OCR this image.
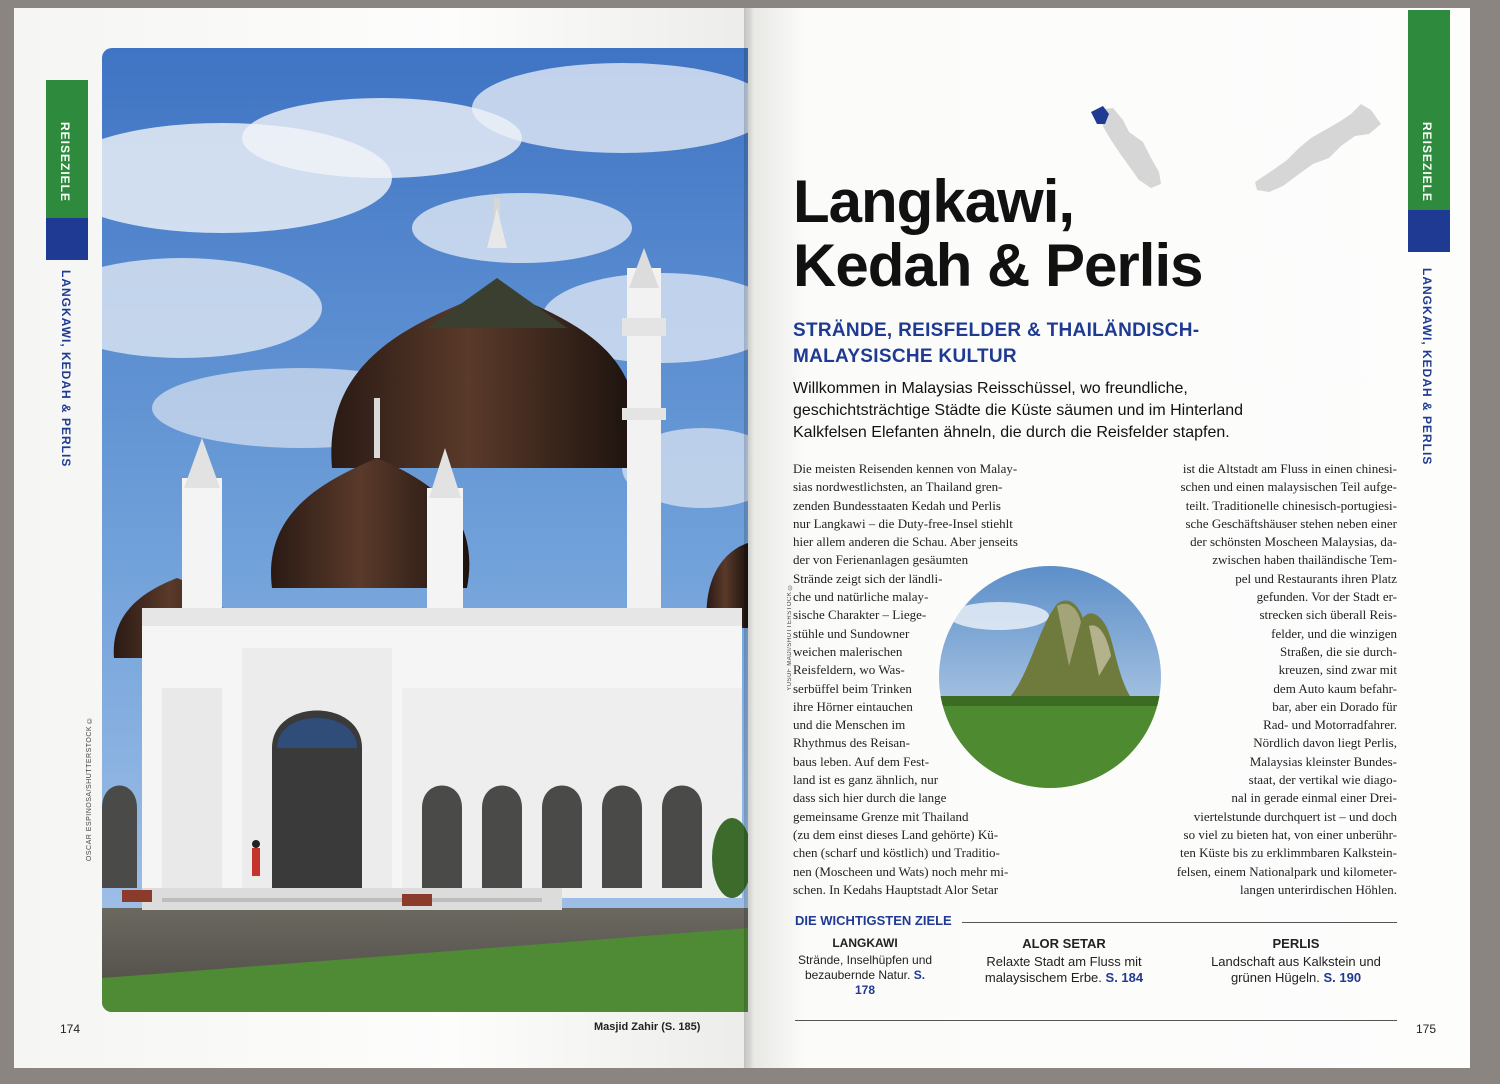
REISEZIELE
LANGKAWI, KEDAH & PERLIS
OSCAR ESPINOSA/SHUTTERSTOCK ©
174	Masjid Zahir (S. 185)
REISEZIELE
LANGKAWI, KEDAH & PERLIS
Langkawi,
Kedah & Perlis
STRÄNDE, REISFELDER & THAILÄNDISCH-
MALAYSISCHE KULTUR
Willkommen in Malaysias Reisschüssel, wo freundliche, geschichtsträchtige Städte die Küste säumen und im Hinterland Kalkfelsen Elefanten ähneln, die durch die Reisfelder stapfen.

Die meisten Reisenden kennen von Malay-

sias nordwestlichsten, an Thailand gren-

zenden Bundesstaaten Kedah und Perlis

nur Langkawi – die Duty-free-Insel stiehlt

hier allem anderen die Schau. Aber jenseits

der von Ferienanlagen gesäumten

Strände zeigt sich der ländli-

che und natürliche malay-

sische Charakter – Liege-

stühle und Sundowner

weichen malerischen

Reisfeldern, wo Was-

serbüffel beim Trinken

ihre Hörner eintauchen

und die Menschen im

Rhythmus des Reisan-

baus leben. Auf dem Fest-

land ist es ganz ähnlich, nur

dass sich hier durch die lange

gemeinsame Grenze mit Thailand

(zu dem einst dieses Land gehörte) Kü-

chen (scharf und köstlich) und Traditio-

nen (Moscheen und Wats) noch mehr mi-

schen. In Kedahs Hauptstadt Alor Setar

ist die Altstadt am Fluss in einen chinesi-

schen und einen malaysischen Teil aufge-

teilt. Traditionelle chinesisch-portugiesi-

sche Geschäftshäuser stehen neben einer

der schönsten Moscheen Malaysias, da-

zwischen haben thailändische Tem-

pel und Restaurants ihren Platz

gefunden. Vor der Stadt er-

strecken sich überall Reis-

felder, und die winzigen

Straßen, die sie durch-

kreuzen, sind zwar mit

dem Auto kaum befahr-

bar, aber ein Dorado für

Rad- und Motorradfahrer.

Nördlich davon liegt Perlis,

Malaysias kleinster Bundes-

staat, der vertikal wie diago-

nal in gerade einmal einer Drei-

viertelstunde durchquert ist – und doch

so viel zu bieten hat, von einer unberühr-

ten Küste bis zu erklimmbaren Kalkstein-

felsen, einem Nationalpark und kilometer-

langen unterirdischen Höhlen.

YUSUF MADI/SHUTTERSTOCK ©
DIE WICHTIGSTEN ZIELE
LANGKAWI
Strände, Inselhüpfen und
bezaubernde Natur. S. 178
ALOR SETAR
Relaxte Stadt am Fluss mit
malaysischem Erbe. S. 184
PERLIS
Landschaft aus Kalkstein und
grünen Hügeln. S. 190
175
